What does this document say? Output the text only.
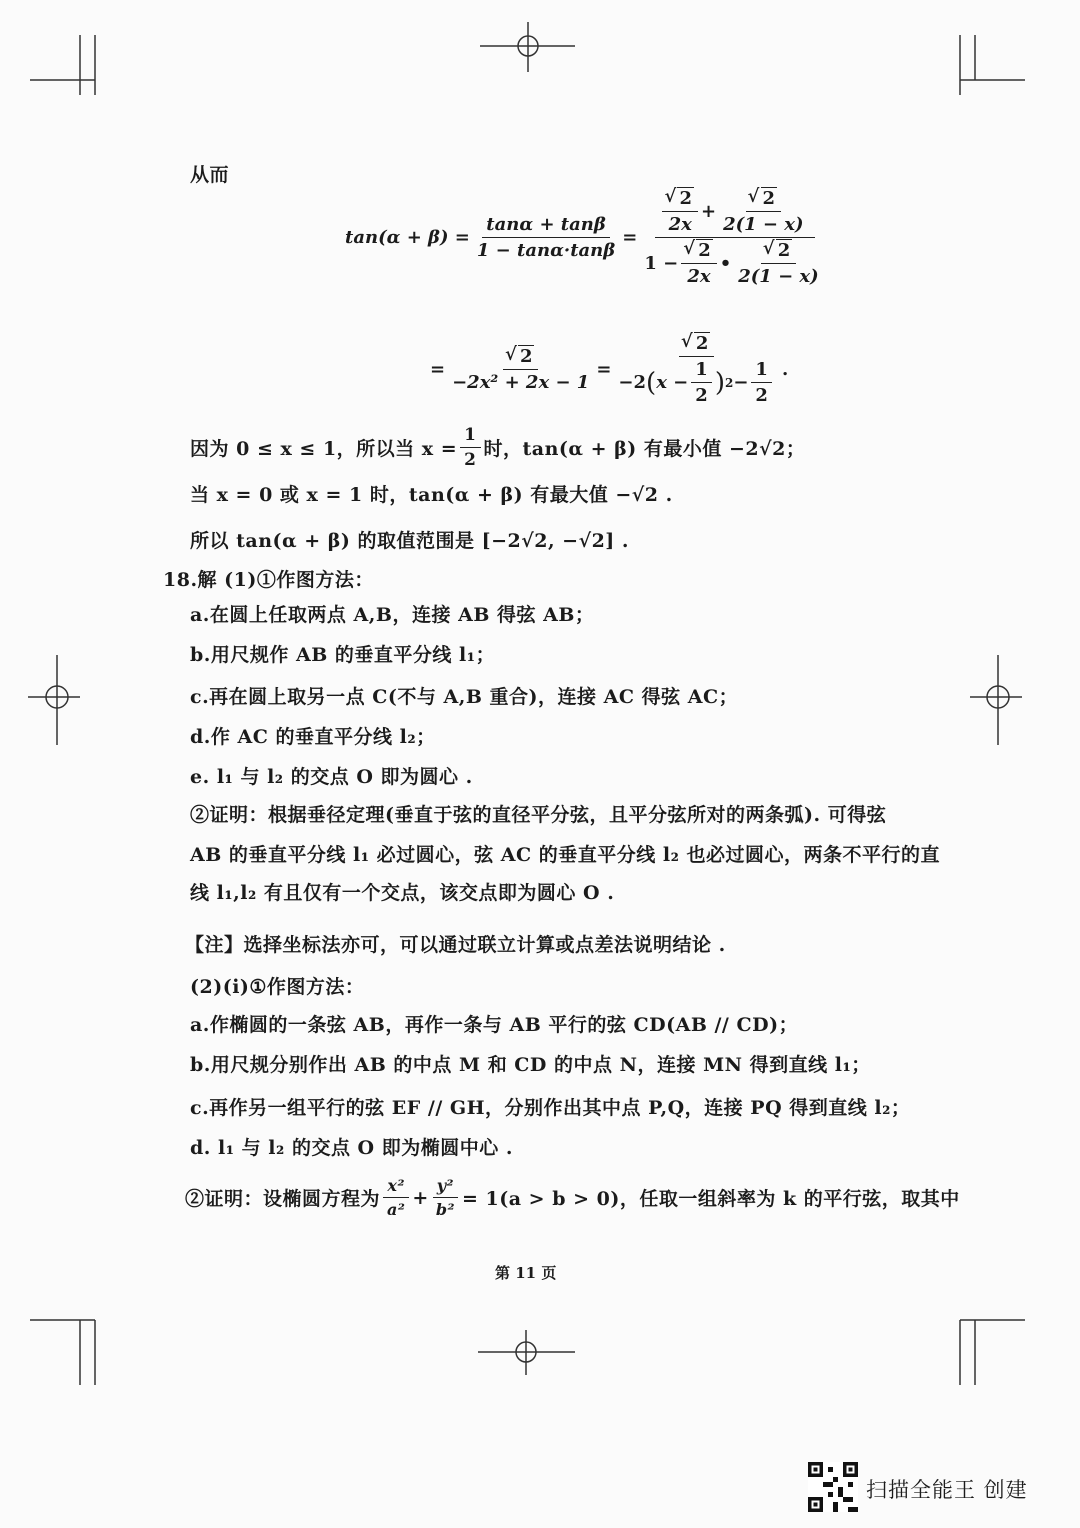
从而
$\tan(\alpha + \beta) = \frac{\tan\alpha + \tan\beta}{1 - \tan\alpha\cdot\tan\beta}$ =
√ $\frac{2}{2x}$ +
√ $\frac{2}{2(1 - x)}$
1 −
√ $\frac{2}{2x}$ •
√ $\frac{2}{2(1 - x)}$
=
√ $\frac{2}{\text{−2x² + 2x − 1}}$ =
√ $\frac{2}{-2 ( x - \frac{1}{2} ) 2 - \frac{1}{2}}$ .
因为 0 ≤ x ≤ 1，所以当 $x = \frac{1}{2}$ 时，tan(α + β) 有最小值 −2√2；
当 x = 0 或 x = 1 时，tan(α + β) 有最大值 −√2 .
所以 tan(α + β) 的取值范围是 [−2√2, −√2] .
18.解 (1)①作图方法：
a.在圆上任取两点 A,B，连接 AB 得弦 AB；
b.用尺规作 AB 的垂直平分线 l₁；
c.再在圆上取另一点 C(不与 A,B 重合)，连接 AC 得弦 AC；
d.作 AC 的垂直平分线 l₂；
e. l₁ 与 l₂ 的交点 O 即为圆心 .
②证明：根据垂径定理(垂直于弦的直径平分弦，且平分弦所对的两条弧). 可得弦
AB 的垂直平分线 l₁ 必过圆心，弦 AC 的垂直平分线 l₂ 也必过圆心，两条不平行的直
线 l₁,l₂ 有且仅有一个交点，该交点即为圆心 O .
【注】选择坐标法亦可，可以通过联立计算或点差法说明结论 .
(2)(i)①作图方法：
a.作椭圆的一条弦 AB，再作一条与 AB 平行的弦 CD(AB // CD)；
b.用尺规分别作出 AB 的中点 M 和 CD 的中点 N，连接 MN 得到直线 l₁；
c.再作另一组平行的弦 EF // GH，分别作出其中点 P,Q，连接 PQ 得到直线 l₂；
d. l₁ 与 l₂ 的交点 O 即为椭圆中心 .
②证明：设椭圆方程为 $\frac{\text{x²}}{\text{a²}} + \frac{\text{y²}}{\text{b²}} = 1(a > b > 0)$，任取一组斜率为 k 的平行弦，取其中
第 11 页
扫描全能王 创建
